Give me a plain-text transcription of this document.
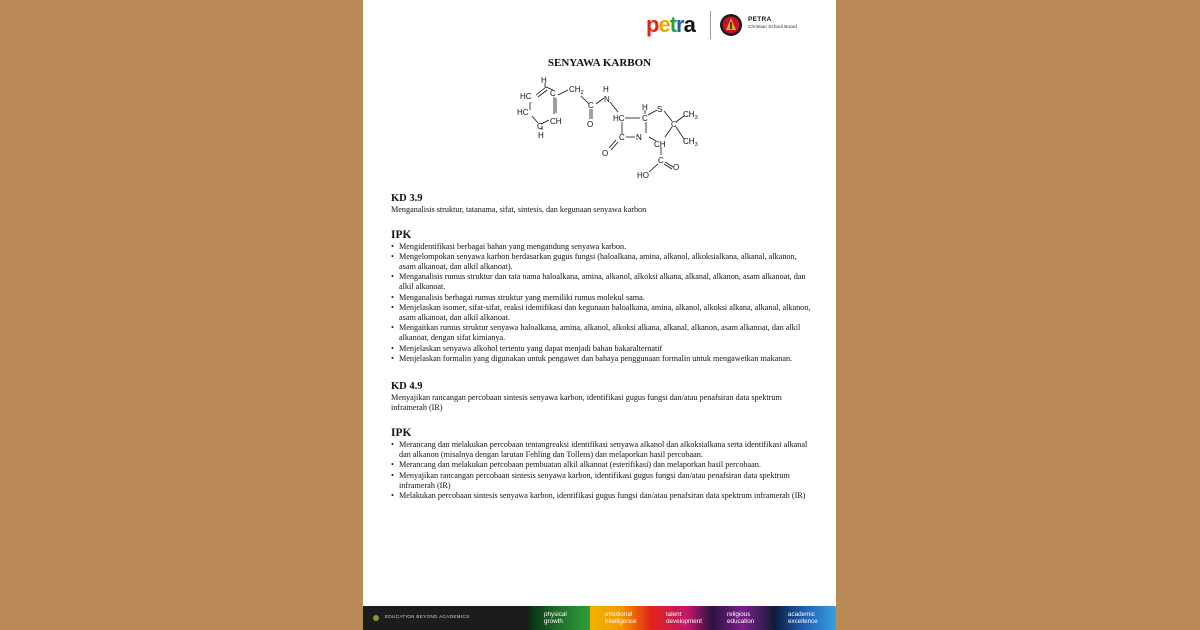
petra	PETRA
Christian School Board
SENYAWA KARBON
H
HC C
HC
C
H
CH
$CH_2$
C
O
H
N
H
HC C
S
C
$CH_3$
$CH_3$
C N
CH
O
C
O
HO
KD 3.9
Menganalisis struktur, tatanama, sifat, sintesis, dan kegunaan senyawa karbon
IPK
• Mengidentifikasi berbagai bahan yang mengandung senyawa karbon.
• Mengelompokan senyawa karbon berdasarkan gugus fungsi (haloalkana, amina, alkanol, alkoksialkana, alkanal, alkanon, asam alkanoat, dan alkil alkanoat).
• Menganalisis rumus struktur dan tata nama haloalkana, amina, alkanol, alkoksi alkana, alkanal, alkanon, asam alkanoat, dan alkil alkanoat.
• Menganalisis berbagai rumus struktur yang memiliki rumus molekul sama.
• Menjelaskan isomer, sifat-sifat, reaksi identifikasi dan kegunaan haloalkana, amina, alkanol, alkoksi alkana, alkanal, alkanon, asam alkanoat, dan alkil alkanoat.
• Mengaitkan rumus struktur senyawa haloalkana, amina, alkanol, alkoksi alkana, alkanal, alkanon, asam alkanoat, dan alkil alkanoat, dengan sifat kimianya.
• Menjelaskan senyawa alkohol tertentu yang dapat menjadi bahan bakaralternatif
• Menjelaskan formalin yang digunakan untuk pengawet dan bahaya penggunaan formalin untuk mengawetkan makanan.
KD 4.9
Menyajikan rancangan percobaan sintesis senyawa karbon, identifikasi gugus fungsi dan/atau penafsiran data spektrum inframerah (IR)
IPK
• Merancang dan melakukan percobaan tentangreaksi identifikasi senyawa alkanol dan alkoksialkana serta identifikasi alkanal dan alkanon (misalnya dengan larutan Fehling dan Tollens) dan melaporkan hasil percobaan.
• Merancang dan melakukan percobaan pembuatan alkil alkanoat (esterifikasi) dan melaporkan hasil percobaan.
• Menyajikan rancangan percobaan sintesis senyawa karbon, identifikasi gugus fungsi dan/atau penafsiran data spektrum inframerah (IR)
• Melakukan percobaan sintesis senyawa karbon, identifikasi gugus fungsi dan/atau penafsiran data spektrum inframerah (IR)
EDUCATION BEYOND ACADEMICS	physical
growth
emotional
intelligence
talent
development
religious
education
academic
excellence
